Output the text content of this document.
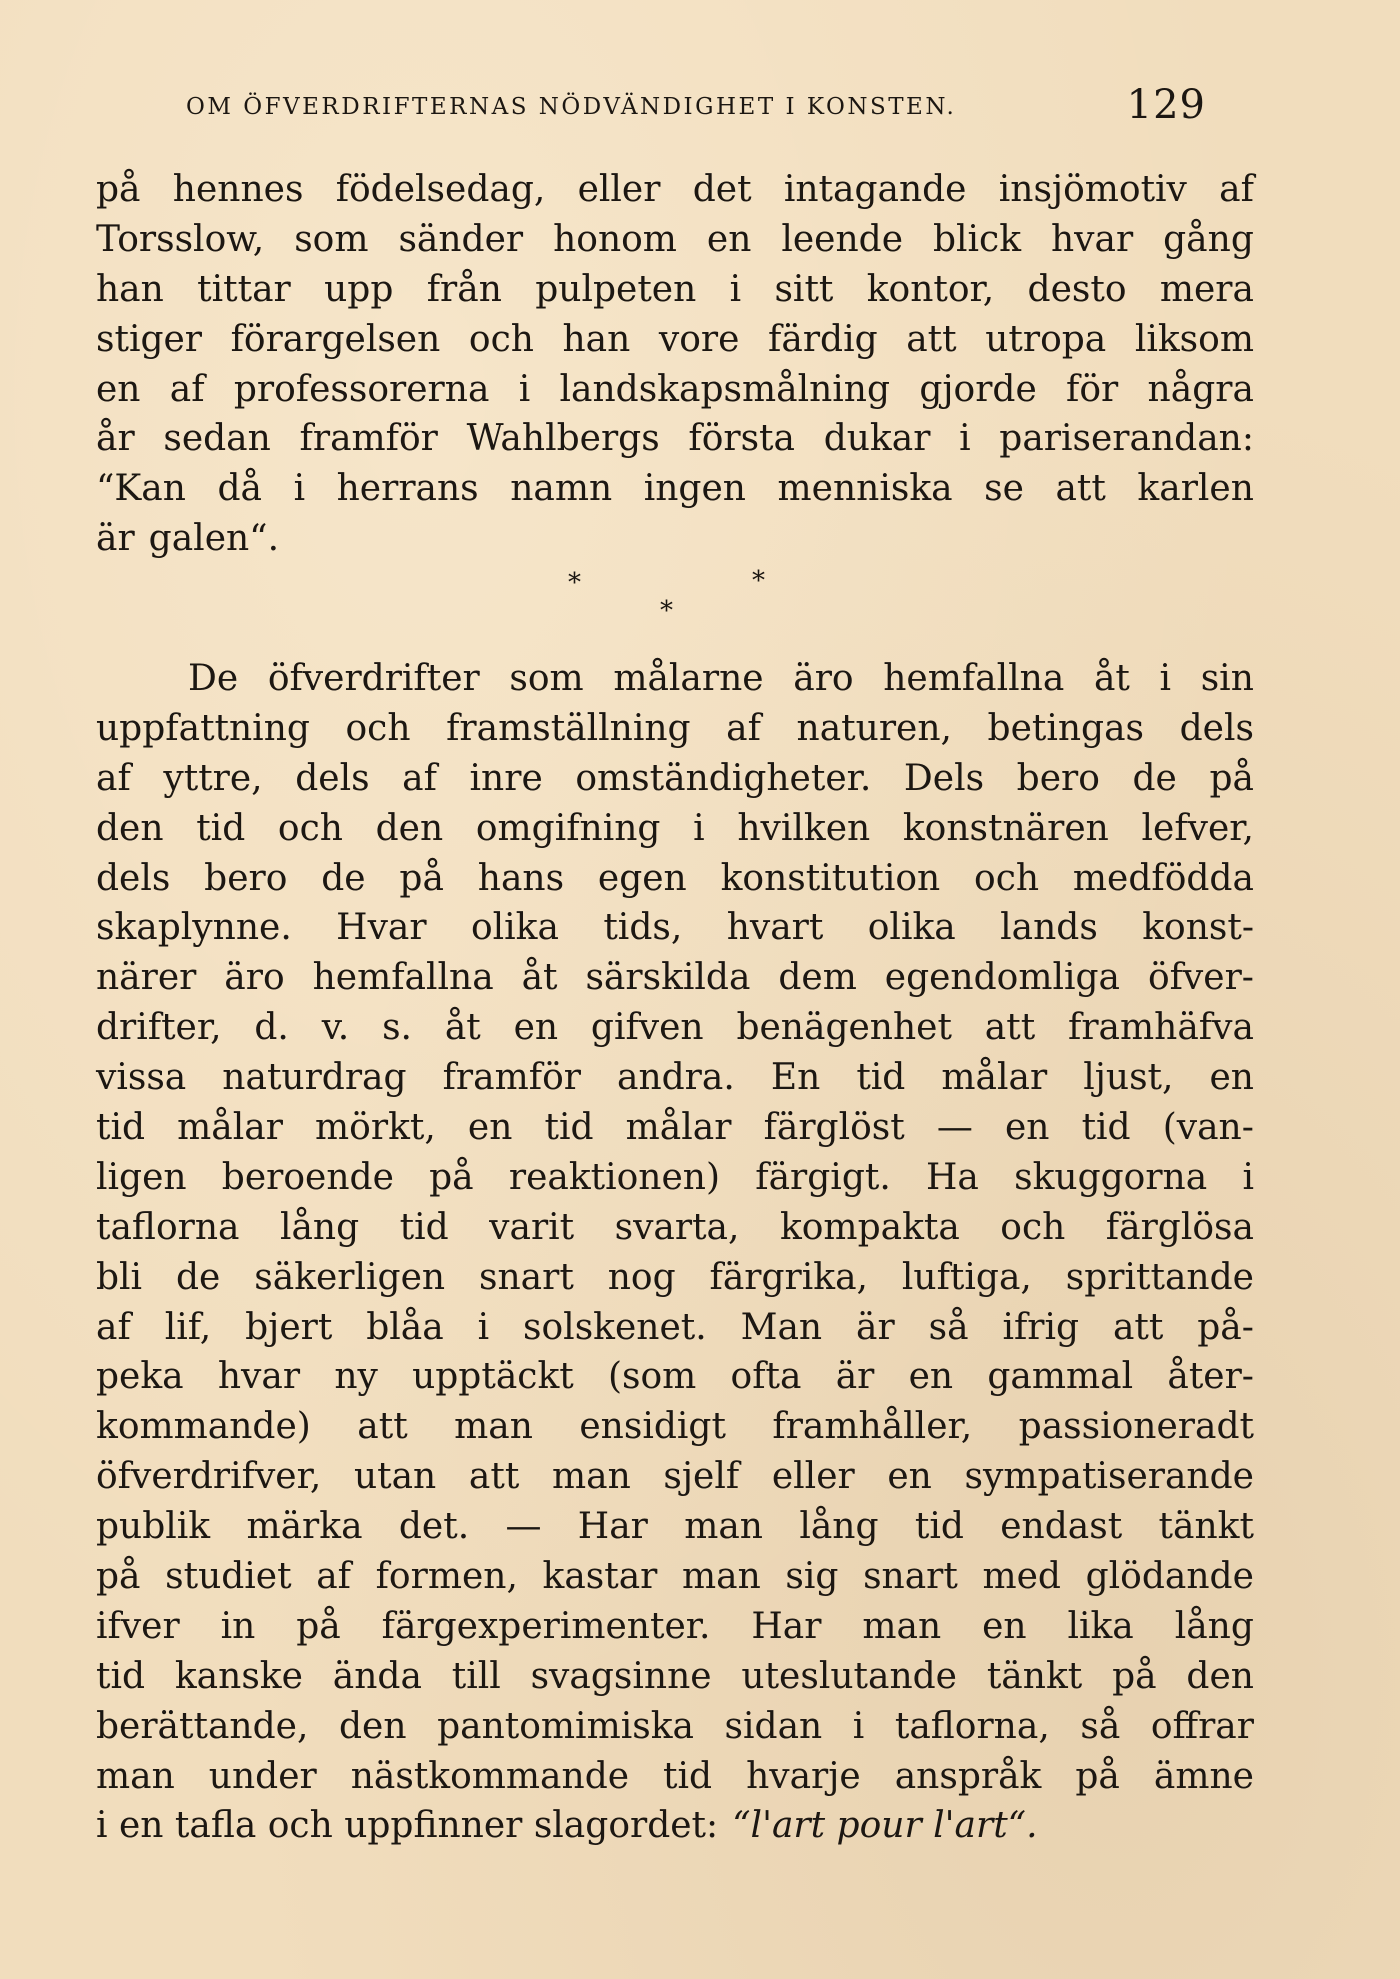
OM ÖFVERDRIFTERNAS NÖDVÄNDIGHET I KONSTEN.	129
på hennes födelsedag, eller det intagande insjömotiv af
Torsslow, som sänder honom en leende blick hvar gång
han tittar upp från pulpeten i sitt kontor, desto mera
stiger förargelsen och han vore färdig att utropa liksom
en af professorerna i landskapsmålning gjorde för några
år sedan framför Wahlbergs första dukar i pariserandan:
“Kan då i herrans namn ingen menniska se att karlen
är galen“.
*	*
*
De öfverdrifter som målarne äro hemfallna åt i sin
uppfattning och framställning af naturen, betingas dels
af yttre, dels af inre omständigheter. Dels bero de på
den tid och den omgifning i hvilken konstnären lefver,
dels bero de på hans egen konstitution och medfödda
skaplynne. Hvar olika tids, hvart olika lands konst-
närer äro hemfallna åt särskilda dem egendomliga öfver-
drifter, d. v. s. åt en gifven benägenhet att framhäfva
vissa naturdrag framför andra. En tid målar ljust, en
tid målar mörkt, en tid målar färglöst — en tid (van-
ligen beroende på reaktionen) färgigt. Ha skuggorna i
taflorna lång tid varit svarta, kompakta och färglösa
bli de säkerligen snart nog färgrika, luftiga, sprittande
af lif, bjert blåa i solskenet. Man är så ifrig att på-
peka hvar ny upptäckt (som ofta är en gammal åter-
kommande) att man ensidigt framhåller, passioneradt
öfverdrifver, utan att man sjelf eller en sympatiserande
publik märka det. — Har man lång tid endast tänkt
på studiet af formen, kastar man sig snart med glödande
ifver in på färgexperimenter. Har man en lika lång
tid kanske ända till svagsinne uteslutande tänkt på den
berättande, den pantomimiska sidan i taflorna, så offrar
man under nästkommande tid hvarje anspråk på ämne
i en tafla och uppfinner slagordet: “l'art pour l'art“.
